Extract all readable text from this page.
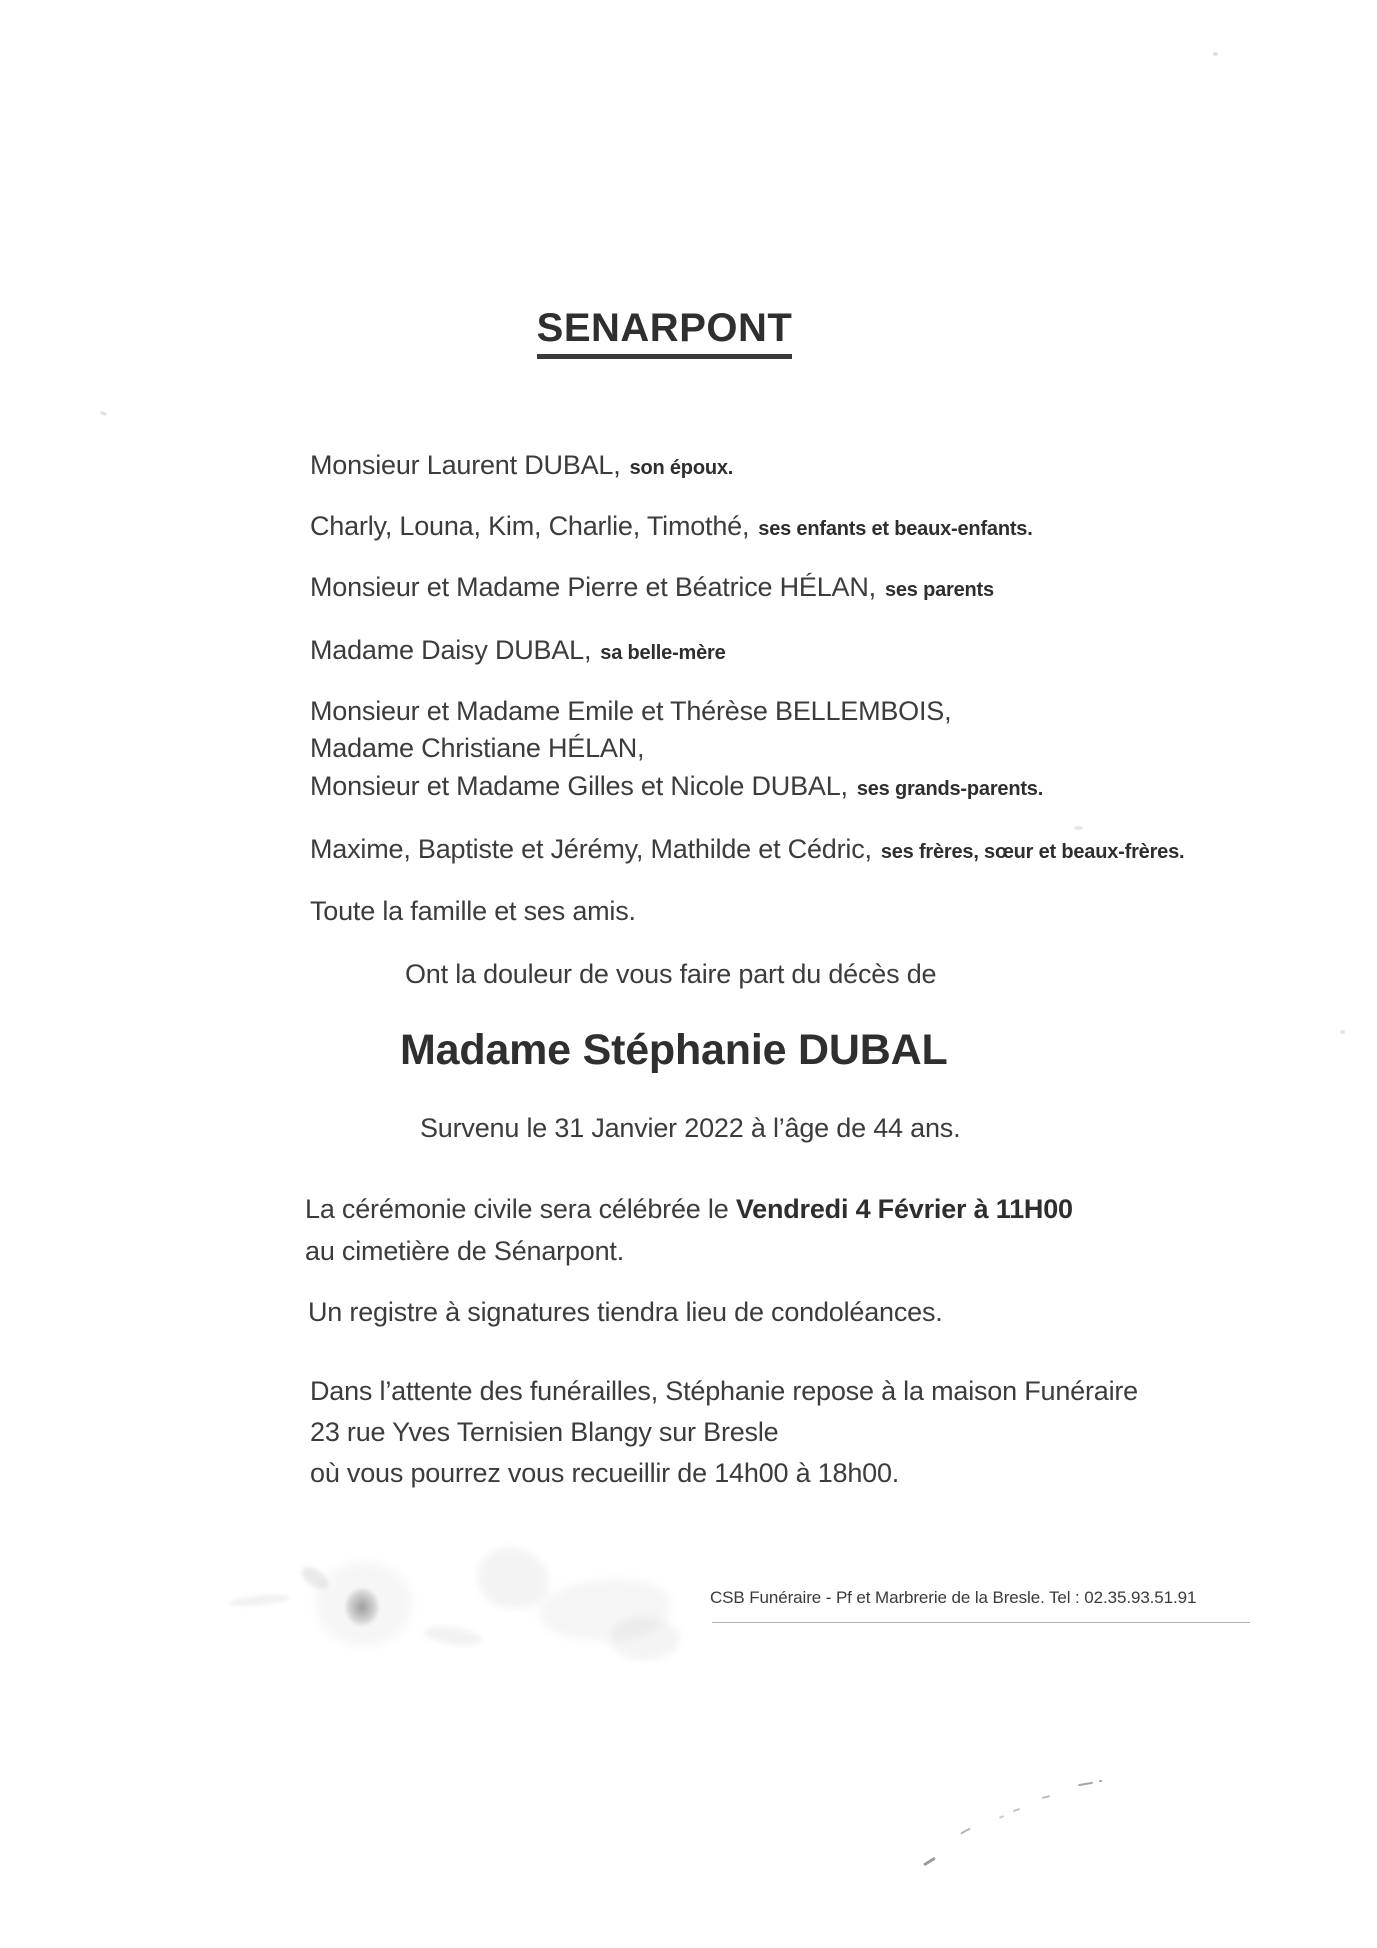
SENARPONT
Monsieur Laurent DUBAL, son époux.
Charly, Louna, Kim, Charlie, Timothé, ses enfants et beaux-enfants.
Monsieur et Madame Pierre et Béatrice HÉLAN, ses parents
Madame Daisy DUBAL, sa belle-mère
Monsieur et Madame Emile et Thérèse BELLEMBOIS,
Madame Christiane HÉLAN,
Monsieur et Madame Gilles et Nicole DUBAL, ses grands-parents.
Maxime, Baptiste et Jérémy, Mathilde et Cédric, ses frères, sœur et beaux-frères.
Toute la famille et ses amis.
Ont la douleur de vous faire part du décès de
Madame Stéphanie DUBAL
Survenu le 31 Janvier 2022 à l’âge de 44 ans.
La cérémonie civile sera célébrée le Vendredi 4 Février à 11H00
au cimetière de Sénarpont.
Un registre à signatures tiendra lieu de condoléances.
Dans l’attente des funérailles, Stéphanie repose à la maison Funéraire
23 rue Yves Ternisien Blangy sur Bresle
où vous pourrez vous recueillir de 14h00 à 18h00.
CSB Funéraire - Pf et Marbrerie de la Bresle. Tel : 02.35.93.51.91
